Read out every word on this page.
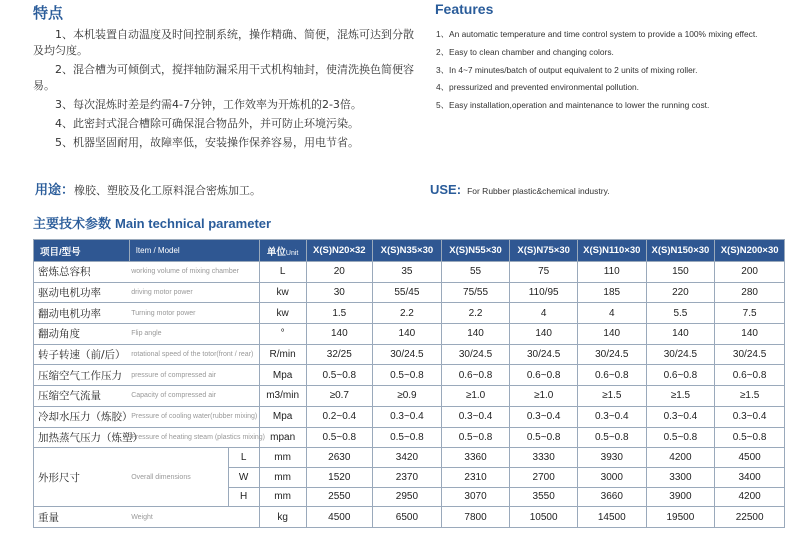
特点
1、本机装置自动温度及时间控制系统，操作精确、简便，混炼可达到分散及均匀度。
2、混合槽为可倾倒式，搅拌轴防漏采用干式机构轴封，使清洗换色简便容易。
3、每次混炼时差是约需4-7分钟，工作效率为开炼机的2-3倍。
4、此密封式混合槽除可确保混合物品外，并可防止环境污染。
5、机器坚固耐用，故障率低，安装操作保养容易，用电节省。
Features
1、An automatic temperature and time control system to provide a 100% mixing effect.
2、Easy to clean chamber and changing colors.
3、In 4~7 minutes/batch of output equivalent to 2 units of mixing roller.
4、pressurized and prevented environmental pollution.
5、Easy installation,operation and maintenance to lower the running cost.
用途：橡胶、塑胶及化工原料混合密炼加工。	USE: For Rubber plastic&chemical industry.
主要技术参数 Main technical parameter
项目/型号	Item / Model		单位Unit	X(S)N20×32	X(S)N35×30	X(S)N55×30	X(S)N75×30	X(S)N110×30	X(S)N150×30	X(S)N200×30
密炼总容积	working volume of mixing chamber		L	20	35	55	75	110	150	200
驱动电机功率	driving motor power		kw	30	55/45	75/55	110/95	185	220	280
翻动电机功率	Turning motor power		kw	1.5	2.2	2.2	4	4	5.5	7.5
翻动角度	Flip angle		°	140	140	140	140	140	140	140
转子转速（前/后）	rotational speed of the totor(front / rear)		R/min	32/25	30/24.5	30/24.5	30/24.5	30/24.5	30/24.5	30/24.5
压缩空气工作压力	pressure of compressed air		Mpa	0.5~0.8	0.5~0.8	0.6~0.8	0.6~0.8	0.6~0.8	0.6~0.8	0.6~0.8
压缩空气流量	Capacity of compressed air		m3/min	≥0.7	≥0.9	≥1.0	≥1.0	≥1.5	≥1.5	≥1.5
冷却水压力（炼胶）	Pressure of cooling water(rubber mixing)		Mpa	0.2~0.4	0.3~0.4	0.3~0.4	0.3~0.4	0.3~0.4	0.3~0.4	0.3~0.4
加热蒸气压力（炼塑）	Pressure of heating steam (plastics mixing)		mpan	0.5~0.8	0.5~0.8	0.5~0.8	0.5~0.8	0.5~0.8	0.5~0.8	0.5~0.8
外形尺寸	Overall dimensions	L	mm	2630	3420	3360	3330	3930	4200	4500
		W	mm	1520	2370	2310	2700	3000	3300	3400
		H	mm	2550	2950	3070	3550	3660	3900	4200
重量	Weight		kg	4500	6500	7800	10500	14500	19500	22500
